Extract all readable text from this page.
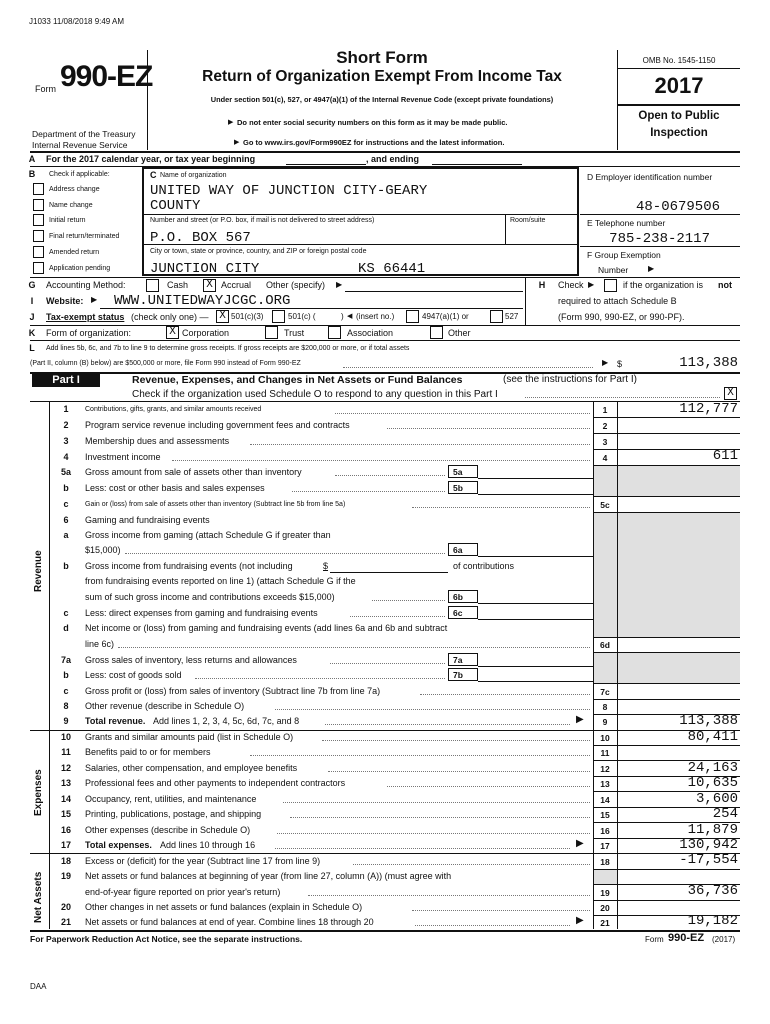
J1033 11/08/2018 9:49 AM
Form 990-EZ
Department of the Treasury
Internal Revenue Service
Short Form
Return of Organization Exempt From Income Tax
Under section 501(c), 527, or 4947(a)(1) of the Internal Revenue Code (except private foundations)
▶ Do not enter social security numbers on this form as it may be made public.
▶ Go to www.irs.gov/Form990EZ for instructions and the latest information.
OMB No. 1545-1150
2017
Open to Public
Inspection
A	For the 2017 calendar year, or tax year beginning	, and ending
B	Check if applicable:
Address change
Name change
Initial return
Final return/terminated
Amended return
Application pending
C Name of organization
UNITED WAY OF JUNCTION CITY-GEARY
COUNTY
Number and street (or P.O. box, if mail is not delivered to street address)	Room/suite
P.O. BOX 567
City or town, state or province, country, and ZIP or foreign postal code
JUNCTION CITY	KS 66441
D Employer identification number
48-0679506
E Telephone number
785-238-2117
F Group Exemption
Number ▶
G Accounting Method:	Cash X Accrual Other (specify) ▶	H	Check ▶	if the organization is not
required to attach Schedule B
(Form 990, 990-EZ, or 990-PF).
I	Website: ▶ WWW.UNITEDWAYJCGC.ORG
J	Tax-exempt status (check only one) — X 501(c)(3)	501(c) (	) ◀ (insert no.)	4947(a)(1) or	527
K	Form of organization:	X Corporation	Trust	Association	Other
L	Add lines 5b, 6c, and 7b to line 9 to determine gross receipts. If gross receipts are $200,000 or more, or if total assets
(Part II, column (B) below) are $500,000 or more, file Form 990 instead of Form 990-EZ	▶ $	113,388
Part I	Revenue, Expenses, and Changes in Net Assets or Fund Balances	(see the instructions for Part I)
Check if the organization used Schedule O to respond to any question in this Part I	X
Revenue
Expenses
Net Assets
1	Contributions, gifts, grants, and similar amounts received	1	112,777
2	Program service revenue including government fees and contracts	2
3	Membership dues and assessments	3
4	Investment income	4	611
5a	Gross amount from sale of assets other than inventory	5a
b	Less: cost or other basis and sales expenses	5b
c	Gain or (loss) from sale of assets other than inventory (Subtract line 5b from line 5a)	5c
6	Gaming and fundraising events
a	Gross income from gaming (attach Schedule G if greater than
$15,000)	6a
b	Gross income from fundraising events (not including	$	of contributions
from fundraising events reported on line 1) (attach Schedule G if the
sum of such gross income and contributions exceeds $15,000)	6b
c	Less: direct expenses from gaming and fundraising events	6c
d	Net income or (loss) from gaming and fundraising events (add lines 6a and 6b and subtract
line 6c)	6d
7a	Gross sales of inventory, less returns and allowances	7a
b	Less: cost of goods sold	7b
c	Gross profit or (loss) from sales of inventory (Subtract line 7b from line 7a)	7c
8	Other revenue (describe in Schedule O)	8
9	Total revenue. Add lines 1, 2, 3, 4, 5c, 6d, 7c, and 8	▶	9	113,388
10	Grants and similar amounts paid (list in Schedule O)	10	80,411
11	Benefits paid to or for members	11
12	Salaries, other compensation, and employee benefits	12	24,163
13	Professional fees and other payments to independent contractors	13	10,635
14	Occupancy, rent, utilities, and maintenance	14	3,600
15	Printing, publications, postage, and shipping	15	254
16	Other expenses (describe in Schedule O)	16	11,879
17	Total expenses. Add lines 10 through 16	▶	17	130,942
18	Excess or (deficit) for the year (Subtract line 17 from line 9)	18	-17,554
19	Net assets or fund balances at beginning of year (from line 27, column (A)) (must agree with
end-of-year figure reported on prior year's return)	19	36,736
20	Other changes in net assets or fund balances (explain in Schedule O)	20
21	Net assets or fund balances at end of year. Combine lines 18 through 20	▶	21	19,182
For Paperwork Reduction Act Notice, see the separate instructions.	Form 990-EZ (2017)
DAA
